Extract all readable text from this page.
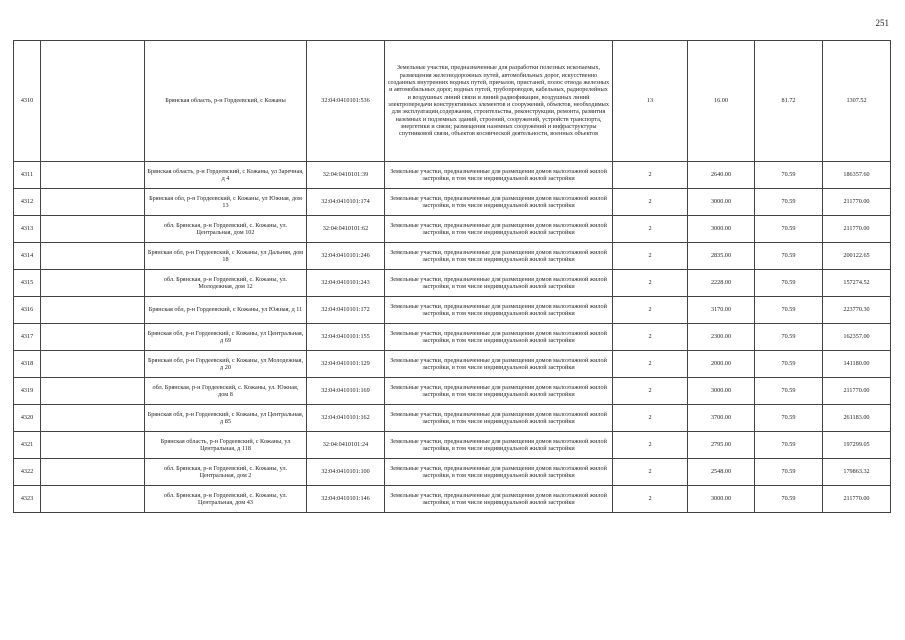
251
4310		Брянская область, р-н Гордеевский, с Кожаны	32:04:0410101:536	Земельные участки, предназначенные для разработки полезных ископаемых, размещения железнодорожных путей, автомобильных дорог, искусственно созданных внутренних водных путей, причалов, пристаней, полос отвода железных и автомобильных дорог, водных путей, трубопроводов, кабельных, радиорелейных и воздушных линий связи и линий радиофикации, воздушных линий электропередачи конструктивных элементов и сооружений, объектов, необходимых для эксплуатации,содержания, строительства, реконструкции, ремонта, развития наземных и подземных зданий, строений, сооружений, устройств транспорта, энергетики и связи; размещения наземных сооружений и инфраструктуры спутниковой связи, объектов космической деятельности, военных объектов	13	16.00	81.72	1307.52
4311		Брянская область, р-н Гордеевский, с Кожаны, ул Заречная, д 4	32:04:0410101:39	Земельные участки, предназначенные для размещения домов малоэтажной жилой застройки, в том числе индивидуальной жилой застройки	2	2640.00	70.59	186357.60
4312		Брянская обл, р-н Гордеевский, с Кожаны, ул Южная, дом 13	32:04:0410101:174	Земельные участки, предназначенные для размещения домов малоэтажной жилой застройки, в том числе индивидуальной жилой застройки	2	3000.00	70.59	211770.00
4313		обл. Брянская, р-н Гордеевский, с. Кожаны, ул. Центральная, дом 102	32:04:0410101:62	Земельные участки, предназначенные для размещения домов малоэтажной жилой застройки, в том числе индивидуальной жилой застройки	2	3000.00	70.59	211770.00
4314		Брянская обл, р-н Гордеевский, с Кожаны, ул Дальняя, дом 18	32:04:0410101:246	Земельные участки, предназначенные для размещения домов малоэтажной жилой застройки, в том числе индивидуальной жилой застройки	2	2835.00	70.59	200122.65
4315		обл. Брянская, р-н Гордеевский, с. Кожаны, ул. Молодежная, дом 12	32:04:0410101:243	Земельные участки, предназначенные для размещения домов малоэтажной жилой застройки, в том числе индивидуальной жилой застройки	2	2228.00	70.59	157274.52
4316		Брянская обл, р-н Гордеевский, с Кожаны, ул Южная, д 11	32:04:0410101:172	Земельные участки, предназначенные для размещения домов малоэтажной жилой застройки, в том числе индивидуальной жилой застройки	2	3170.00	70.59	223770.30
4317		Брянская обл, р-н Гордеевский, с Кожаны, ул Центральная, д 69	32:04:0410101:155	Земельные участки, предназначенные для размещения домов малоэтажной жилой застройки, в том числе индивидуальной жилой застройки	2	2300.00	70.59	162357.00
4318		Брянская обл, р-н Гордеевский, с Кожаны, ул Молодежная, д 20	32:04:0410101:129	Земельные участки, предназначенные для размещения домов малоэтажной жилой застройки, в том числе индивидуальной жилой застройки	2	2000.00	70.59	141180.00
4319		обл. Брянская, р-н Гордеевский, с. Кожаны, ул. Южная, дом 8	32:04:0410101:169	Земельные участки, предназначенные для размещения домов малоэтажной жилой застройки, в том числе индивидуальной жилой застройки	2	3000.00	70.59	211770.00
4320		Брянская обл, р-н Гордеевский, с Кожаны, ул Центральная, д 85	32:04:0410101:162	Земельные участки, предназначенные для размещения домов малоэтажной жилой застройки, в том числе индивидуальной жилой застройки	2	3700.00	70.59	261183.00
4321		Брянская область, р-н Гордеевский, с Кожаны, ул Центральная, д 118	32:04:0410101:24	Земельные участки, предназначенные для размещения домов малоэтажной жилой застройки, в том числе индивидуальной жилой застройки	2	2795.00	70.59	197299.05
4322		обл. Брянская, р-н Гордеевский, с. Кожаны, ул. Центральная, дом 2	32:04:0410101:100	Земельные участки, предназначенные для размещения домов малоэтажной жилой застройки, в том числе индивидуальной жилой застройки	2	2548.00	70.59	179863.32
4323		обл. Брянская, р-н Гордеевский, с. Кожаны, ул. Центральная, дом 43	32:04:0410101:146	Земельные участки, предназначенные для размещения домов малоэтажной жилой застройки, в том числе индивидуальной жилой застройки	2	3000.00	70.59	211770.00
